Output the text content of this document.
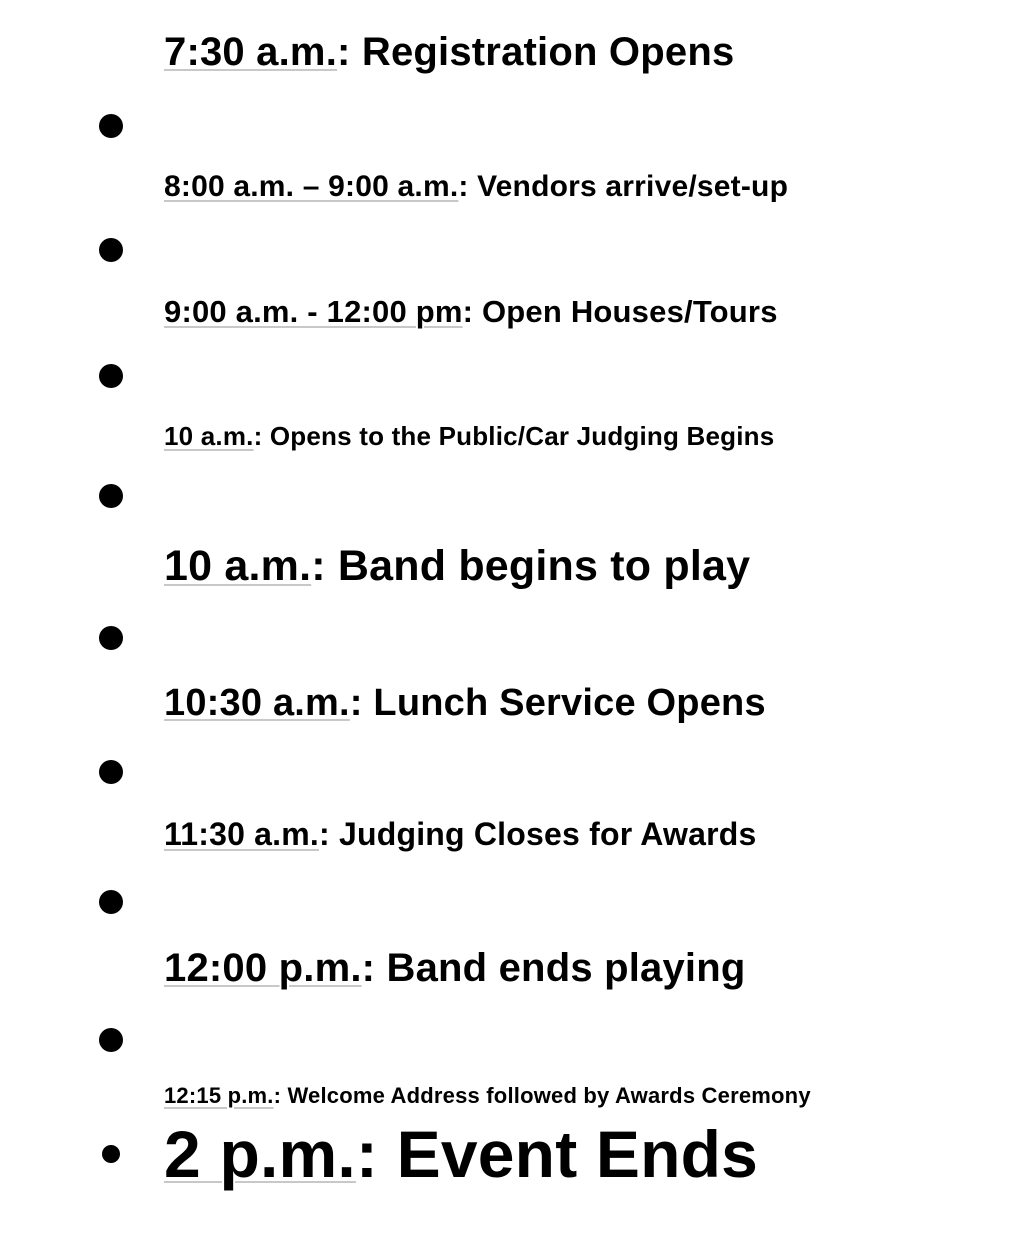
7:30 a.m.: Registration Opens
8:00 a.m. – 9:00 a.m.: Vendors arrive/set-up
9:00 a.m. - 12:00 pm: Open Houses/Tours
10 a.m.: Opens to the Public/Car Judging Begins
10 a.m.: Band begins to play
10:30 a.m.: Lunch Service Opens
11:30 a.m.: Judging Closes for Awards
12:00 p.m.: Band ends playing
12:15 p.m.: Welcome Address followed by Awards Ceremony
2 p.m.: Event Ends
